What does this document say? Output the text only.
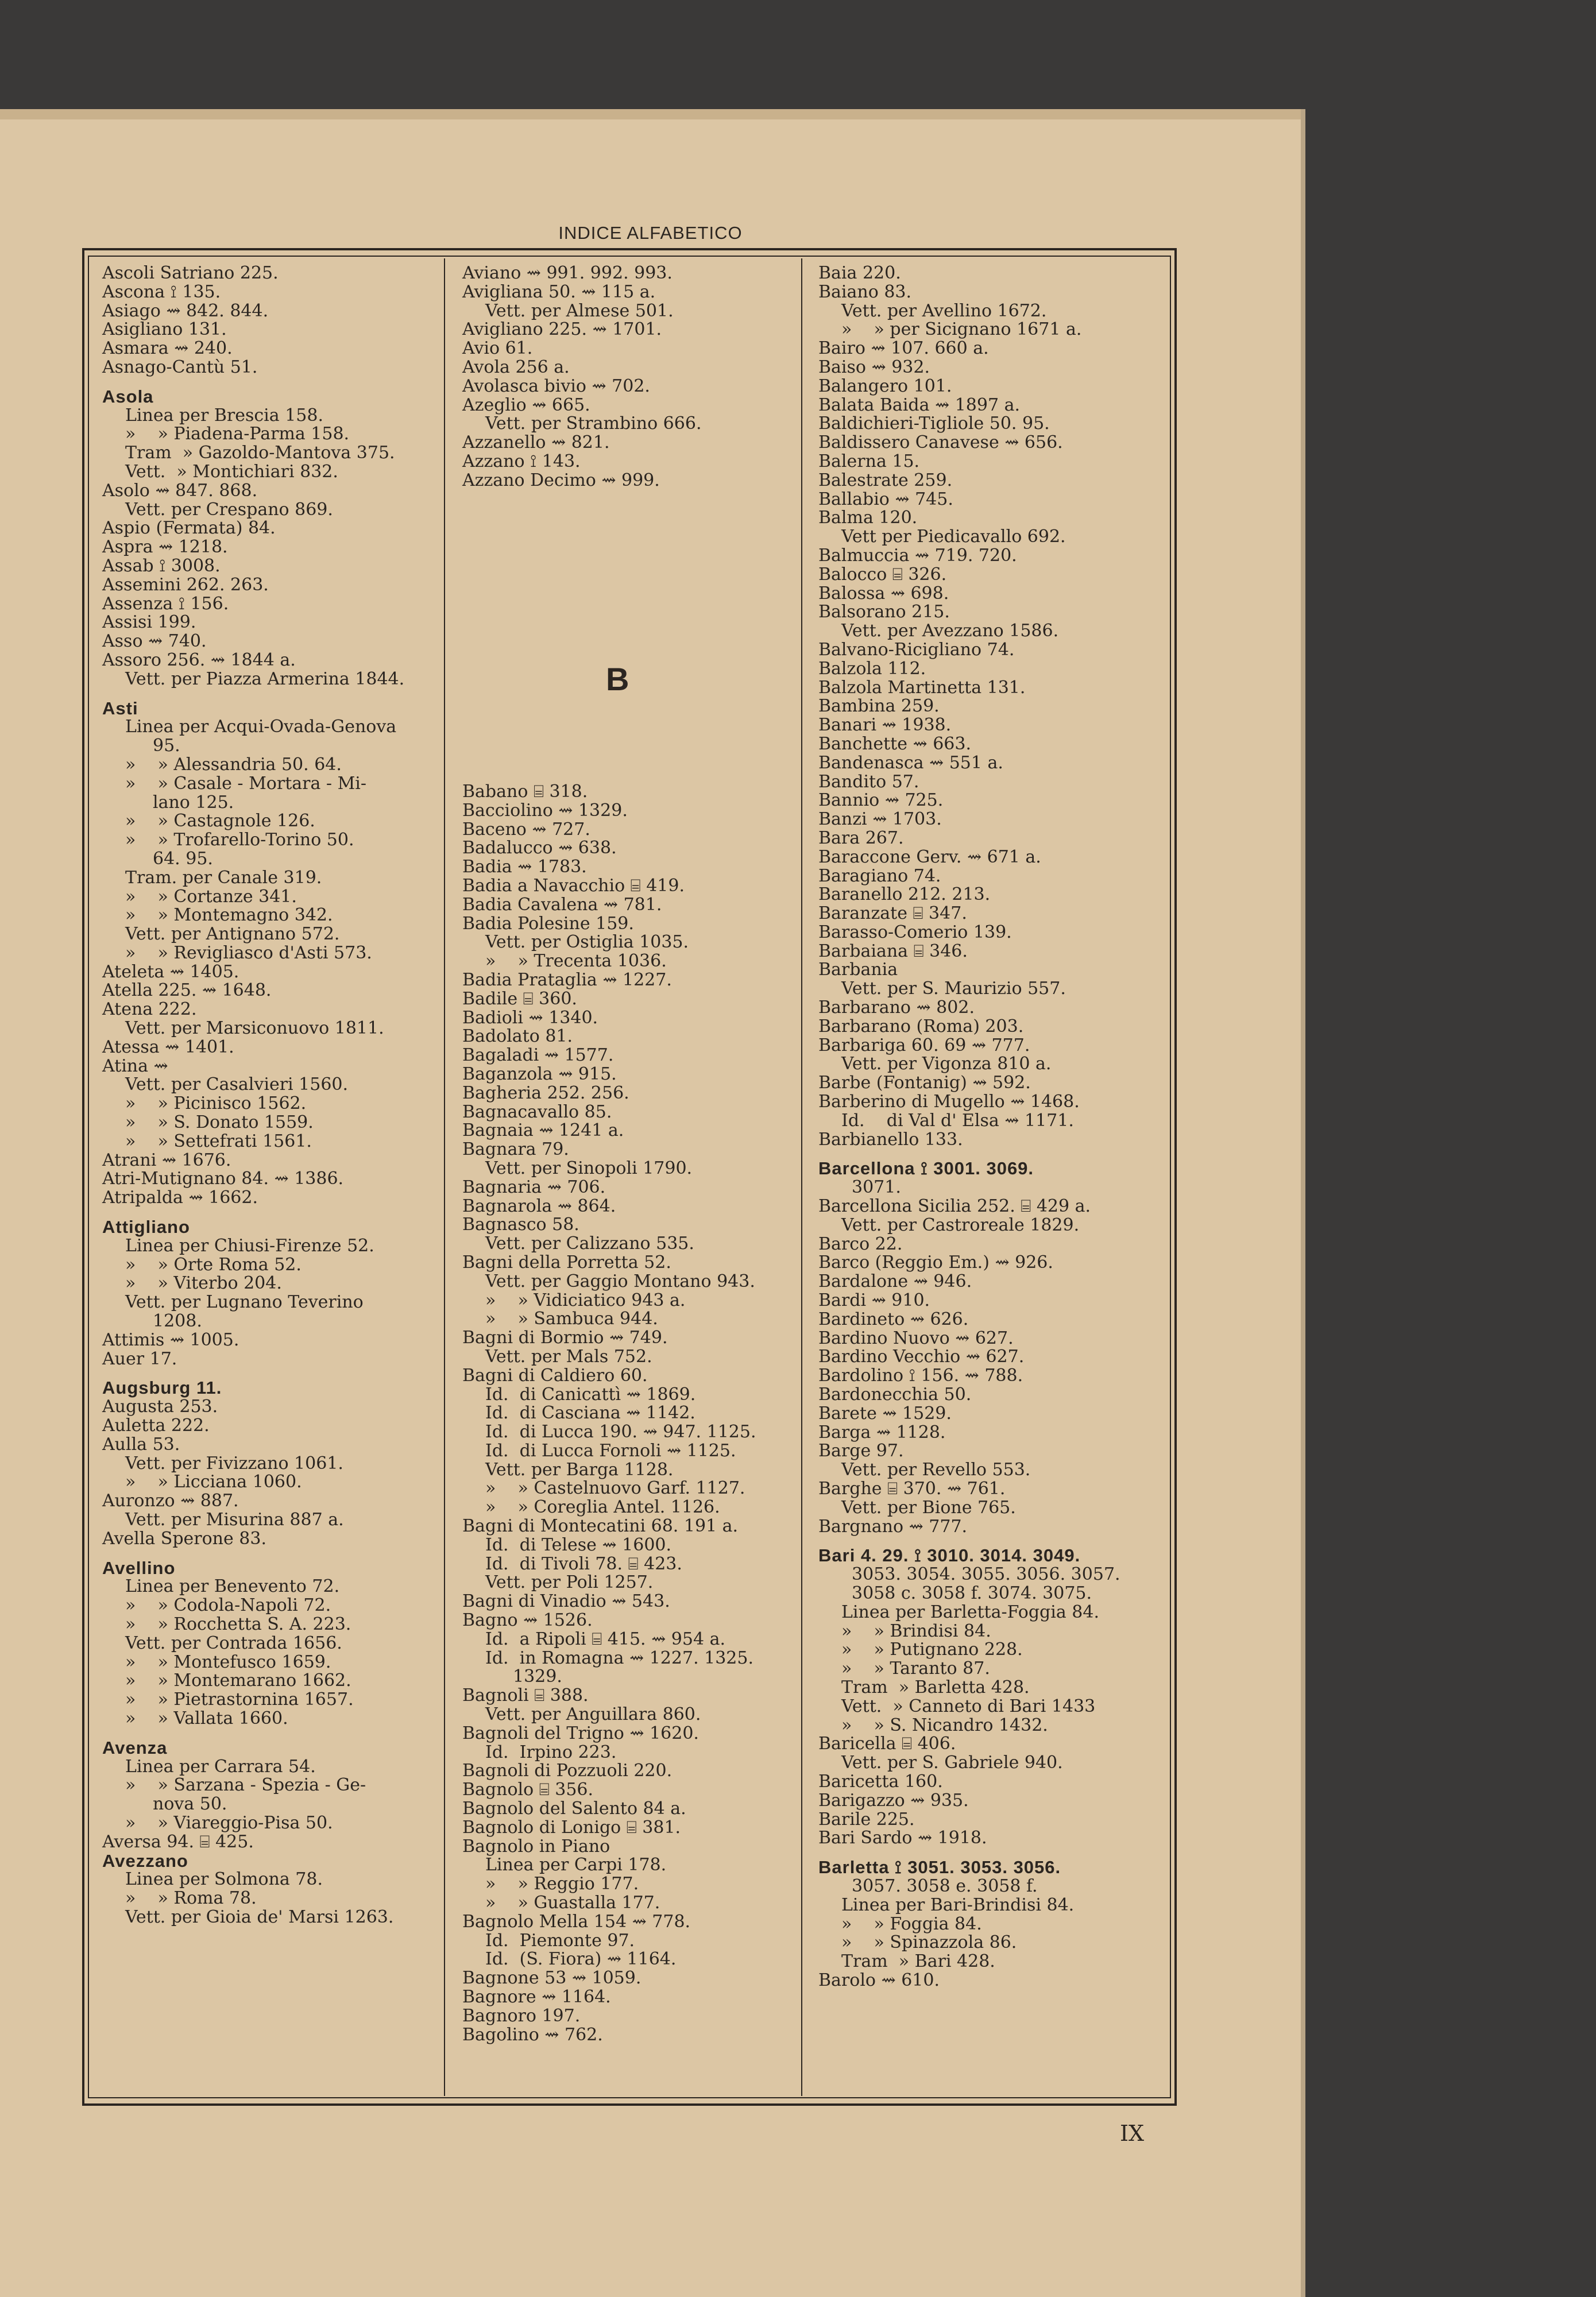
INDICE ALFABETICO
Ascoli Satriano 225.
Ascona ⟟ 135.
Asiago ⇝ 842. 844.
Asigliano 131.
Asmara ⇝ 240.
Asnago-Cantù 51.
Asola
Linea per Brescia 158.
»    » Piadena-Parma 158.
Tram  » Gazoldo-Mantova 375.
Vett.  » Montichiari 832.
Asolo ⇝ 847. 868.
Vett. per Crespano 869.
Aspio (Fermata) 84.
Aspra ⇝ 1218.
Assab ⟟ 3008.
Assemini 262. 263.
Assenza ⟟ 156.
Assisi 199.
Asso ⇝ 740.
Assoro 256. ⇝ 1844 a.
Vett. per Piazza Armerina 1844.
Asti
Linea per Acqui-Ovada-Genova
95.
»    » Alessandria 50. 64.
»    » Casale - Mortara - Mi-
lano 125.
»    » Castagnole 126.
»    » Trofarello-Torino 50.
64. 95.
Tram. per Canale 319.
»    » Cortanze 341.
»    » Montemagno 342.
Vett. per Antignano 572.
»    » Revigliasco d'Asti 573.
Ateleta ⇝ 1405.
Atella 225. ⇝ 1648.
Atena 222.
Vett. per Marsiconuovo 1811.
Atessa ⇝ 1401.
Atina ⇝
Vett. per Casalvieri 1560.
»    » Picinisco 1562.
»    » S. Donato 1559.
»    » Settefrati 1561.
Atrani ⇝ 1676.
Atri-Mutignano 84. ⇝ 1386.
Atripalda ⇝ 1662.
Attigliano
Linea per Chiusi-Firenze 52.
»    » Orte Roma 52.
»    » Viterbo 204.
Vett. per Lugnano Teverino
1208.
Attimis ⇝ 1005.
Auer 17.
Augsburg 11.
Augusta 253.
Auletta 222.
Aulla 53.
Vett. per Fivizzano 1061.
»    » Licciana 1060.
Auronzo ⇝ 887.
Vett. per Misurina 887 a.
Avella Sperone 83.
Avellino
Linea per Benevento 72.
»    » Codola-Napoli 72.
»    » Rocchetta S. A. 223.
Vett. per Contrada 1656.
»    » Montefusco 1659.
»    » Montemarano 1662.
»    » Pietrastornina 1657.
»    » Vallata 1660.
Avenza
Linea per Carrara 54.
»    » Sarzana - Spezia - Ge-
nova 50.
»    » Viareggio-Pisa 50.
Aversa 94. ⌸ 425.
Avezzano
Linea per Solmona 78.
»    » Roma 78.
Vett. per Gioia de' Marsi 1263.
Aviano ⇝ 991. 992. 993.
Avigliana 50. ⇝ 115 a.
Vett. per Almese 501.
Avigliano 225. ⇝ 1701.
Avio 61.
Avola 256 a.
Avolasca bivio ⇝ 702.
Azeglio ⇝ 665.
Vett. per Strambino 666.
Azzanello ⇝ 821.
Azzano ⟟ 143.
Azzano Decimo ⇝ 999.
Baia 220.
Baiano 83.
Vett. per Avellino 1672.
»    » per Sicignano 1671 a.
Bairo ⇝ 107. 660 a.
Baiso ⇝ 932.
Balangero 101.
Balata Baida ⇝ 1897 a.
Baldichieri-Tigliole 50. 95.
Baldissero Canavese ⇝ 656.
Balerna 15.
Balestrate 259.
Ballabio ⇝ 745.
Balma 120.
Vett per Piedicavallo 692.
Balmuccia ⇝ 719. 720.
Balocco ⌸ 326.
Balossa ⇝ 698.
Balsorano 215.
Vett. per Avezzano 1586.
Balvano-Ricigliano 74.
Balzola 112.
Balzola Martinetta 131.
Bambina 259.
Banari ⇝ 1938.
Banchette ⇝ 663.
Bandenasca ⇝ 551 a.
Bandito 57.
Bannio ⇝ 725.
Banzi ⇝ 1703.
Bara 267.
Baraccone Gerv. ⇝ 671 a.
Baragiano 74.
Baranello 212. 213.
Baranzate ⌸ 347.
Barasso-Comerio 139.
Barbaiana ⌸ 346.
Barbania
Vett. per S. Maurizio 557.
Barbarano ⇝ 802.
Barbarano (Roma) 203.
Barbariga 60. 69 ⇝ 777.
Vett. per Vigonza 810 a.
Barbe (Fontanig) ⇝ 592.
Barberino di Mugello ⇝ 1468.
Id.    di Val d' Elsa ⇝ 1171.
Barbianello 133.
Barcellona ⟟ 3001. 3069.
3071.
Barcellona Sicilia 252. ⌸ 429 a.
Vett. per Castroreale 1829.
Barco 22.
Barco (Reggio Em.) ⇝ 926.
Bardalone ⇝ 946.
Bardi ⇝ 910.
Bardineto ⇝ 626.
Bardino Nuovo ⇝ 627.
Bardino Vecchio ⇝ 627.
Bardolino ⟟ 156. ⇝ 788.
Bardonecchia 50.
Barete ⇝ 1529.
Barga ⇝ 1128.
Barge 97.
Vett. per Revello 553.
Barghe ⌸ 370. ⇝ 761.
Vett. per Bione 765.
Bargnano ⇝ 777.
Bari 4. 29. ⟟ 3010. 3014. 3049.
3053. 3054. 3055. 3056. 3057.
3058 c. 3058 f. 3074. 3075.
Linea per Barletta-Foggia 84.
»    » Brindisi 84.
»    » Putignano 228.
»    » Taranto 87.
Tram  » Barletta 428.
Vett.  » Canneto di Bari 1433
»    » S. Nicandro 1432.
Baricella ⌸ 406.
Vett. per S. Gabriele 940.
Baricetta 160.
Barigazzo ⇝ 935.
Barile 225.
Bari Sardo ⇝ 1918.
Barletta ⟟ 3051. 3053. 3056.
3057. 3058 e. 3058 f.
Linea per Bari-Brindisi 84.
»    » Foggia 84.
»    » Spinazzola 86.
Tram  » Bari 428.
Barolo ⇝ 610.
Babano ⌸ 318.
Bacciolino ⇝ 1329.
Baceno ⇝ 727.
Badalucco ⇝ 638.
Badia ⇝ 1783.
Badia a Navacchio ⌸ 419.
Badia Cavalena ⇝ 781.
Badia Polesine 159.
Vett. per Ostiglia 1035.
»    » Trecenta 1036.
Badia Prataglia ⇝ 1227.
Badile ⌸ 360.
Badioli ⇝ 1340.
Badolato 81.
Bagaladi ⇝ 1577.
Baganzola ⇝ 915.
Bagheria 252. 256.
Bagnacavallo 85.
Bagnaia ⇝ 1241 a.
Bagnara 79.
Vett. per Sinopoli 1790.
Bagnaria ⇝ 706.
Bagnarola ⇝ 864.
Bagnasco 58.
Vett. per Calizzano 535.
Bagni della Porretta 52.
Vett. per Gaggio Montano 943.
»    » Vidiciatico 943 a.
»    » Sambuca 944.
Bagni di Bormio ⇝ 749.
Vett. per Mals 752.
Bagni di Caldiero 60.
Id.  di Canicattì ⇝ 1869.
Id.  di Casciana ⇝ 1142.
Id.  di Lucca 190. ⇝ 947. 1125.
Id.  di Lucca Fornoli ⇝ 1125.
Vett. per Barga 1128.
»    » Castelnuovo Garf. 1127.
»    » Coreglia Antel. 1126.
Bagni di Montecatini 68. 191 a.
Id.  di Telese ⇝ 1600.
Id.  di Tivoli 78. ⌸ 423.
Vett. per Poli 1257.
Bagni di Vinadio ⇝ 543.
Bagno ⇝ 1526.
Id.  a Ripoli ⌸ 415. ⇝ 954 a.
Id.  in Romagna ⇝ 1227. 1325.
1329.
Bagnoli ⌸ 388.
Vett. per Anguillara 860.
Bagnoli del Trigno ⇝ 1620.
Id.  Irpino 223.
Bagnoli di Pozzuoli 220.
Bagnolo ⌸ 356.
Bagnolo del Salento 84 a.
Bagnolo di Lonigo ⌸ 381.
Bagnolo in Piano
Linea per Carpi 178.
»    » Reggio 177.
»    » Guastalla 177.
Bagnolo Mella 154 ⇝ 778.
Id.  Piemonte 97.
Id.  (S. Fiora) ⇝ 1164.
Bagnone 53 ⇝ 1059.
Bagnore ⇝ 1164.
Bagnoro 197.
Bagolino ⇝ 762.
B
IX
